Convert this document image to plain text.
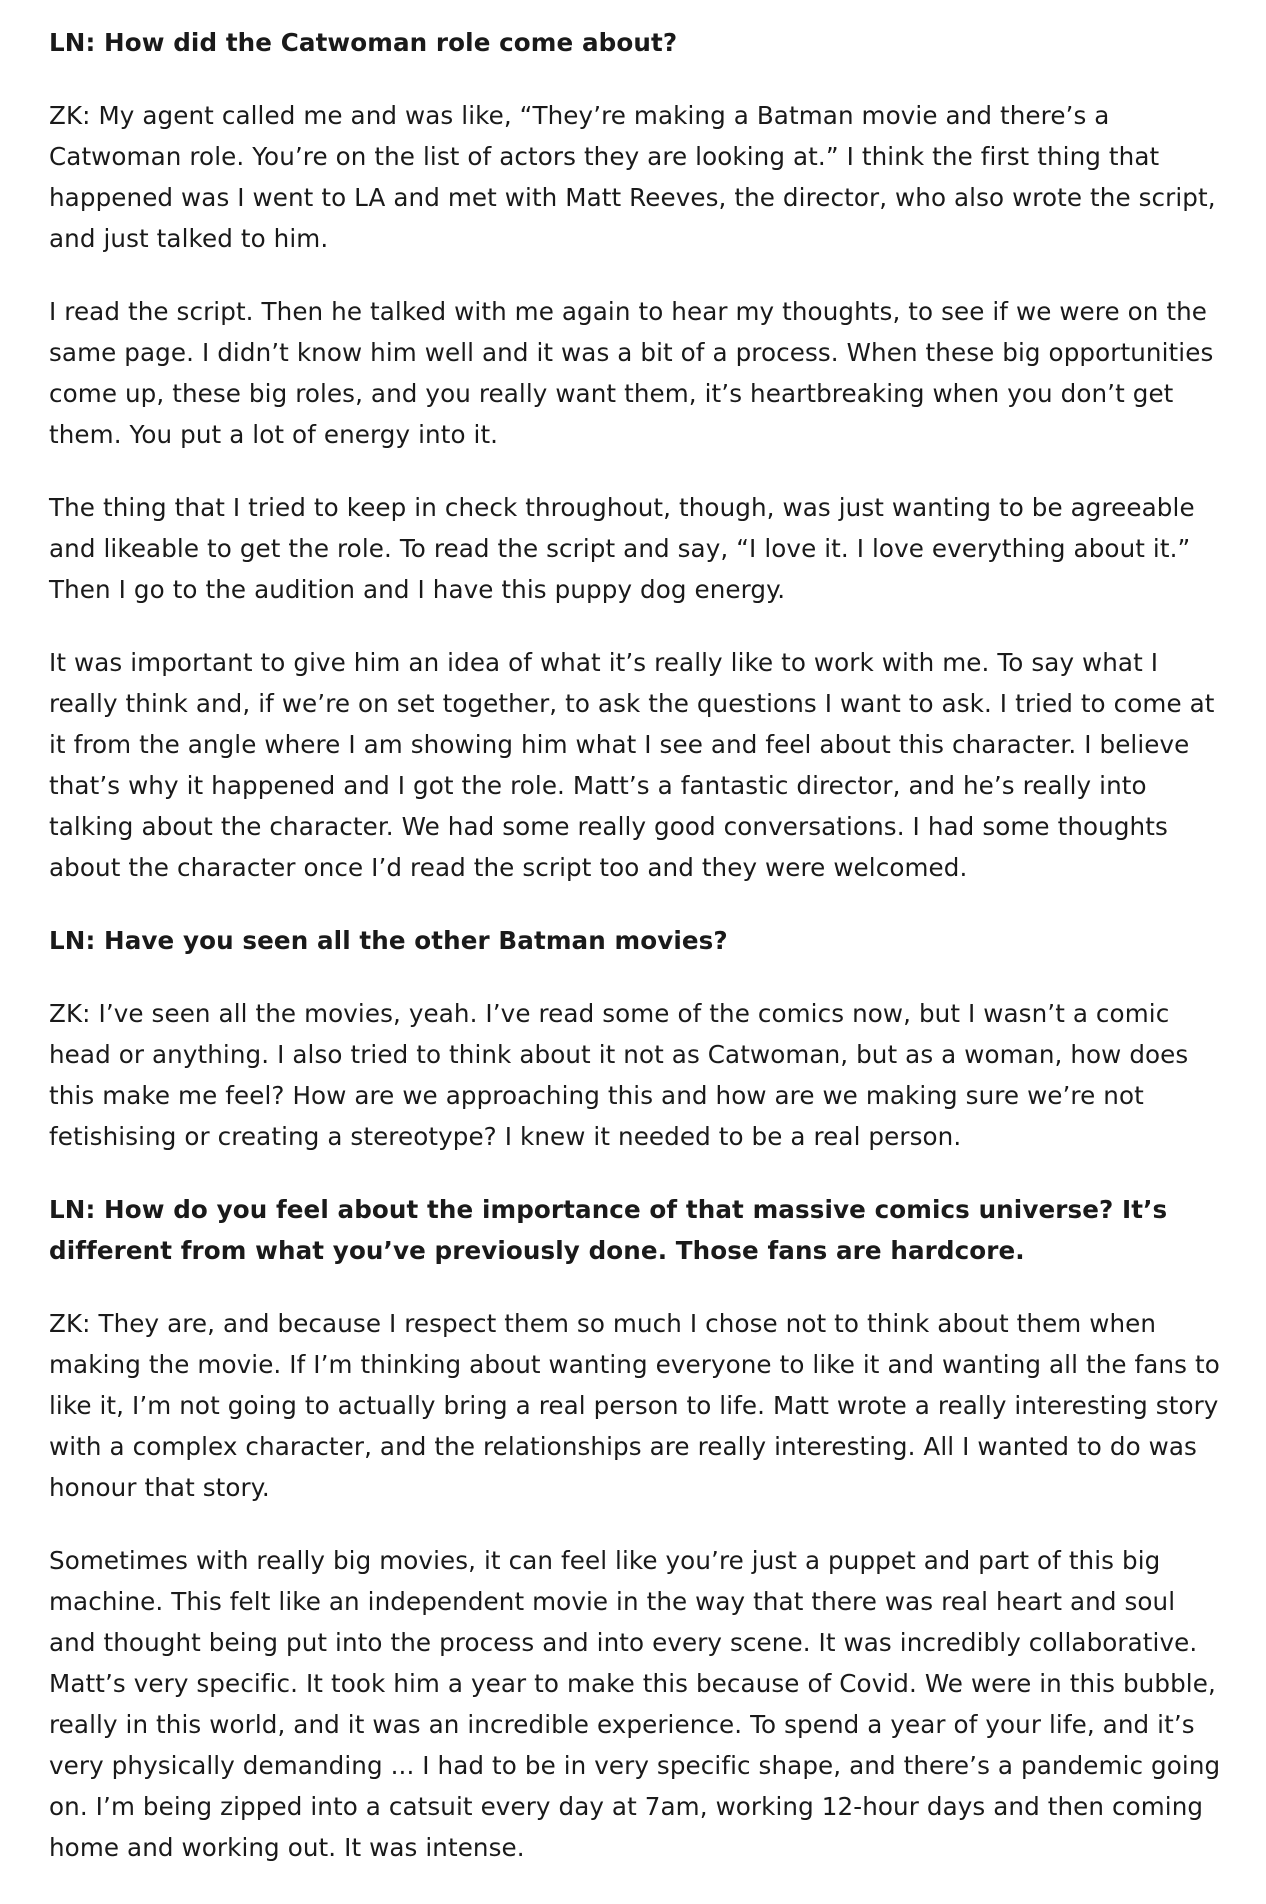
LN: How did the Catwoman role come about?

ZK: My agent called me and was like, “They’re making a Batman movie and there’s a Catwoman role. You’re on the list of actors they are looking at.” I think the first thing that happened was I went to LA and met with Matt Reeves, the director, who also wrote the script, and just talked to him.

I read the script. Then he talked with me again to hear my thoughts, to see if we were on the same page. I didn’t know him well and it was a bit of a process. When these big opportunities come up, these big roles, and you really want them, it’s heartbreaking when you don’t get them. You put a lot of energy into it.

The thing that I tried to keep in check throughout, though, was just wanting to be agreeable and likeable to get the role. To read the script and say, “I love it. I love everything about it.” Then I go to the audition and I have this puppy dog energy.

It was important to give him an idea of what it’s really like to work with me. To say what I really think and, if we’re on set together, to ask the questions I want to ask. I tried to come at it from the angle where I am showing him what I see and feel about this character. I believe that’s why it happened and I got the role. Matt’s a fantastic director, and he’s really into talking about the character. We had some really good conversations. I had some thoughts about the character once I’d read the script too and they were welcomed.

LN: Have you seen all the other Batman movies?

ZK: I’ve seen all the movies, yeah. I’ve read some of the comics now, but I wasn’t a comic head or anything. I also tried to think about it not as Catwoman, but as a woman, how does this make me feel? How are we approaching this and how are we making sure we’re not fetishising or creating a stereotype? I knew it needed to be a real person.

LN: How do you feel about the importance of that massive comics universe? It’s different from what you’ve previously done. Those fans are hardcore.

ZK: They are, and because I respect them so much I chose not to think about them when making the movie. If I’m thinking about wanting everyone to like it and wanting all the fans to like it, I’m not going to actually bring a real person to life. Matt wrote a really interesting story with a complex character, and the relationships are really interesting. All I wanted to do was honour that story.

Sometimes with really big movies, it can feel like you’re just a puppet and part of this big machine. This felt like an independent movie in the way that there was real heart and soul and thought being put into the process and into every scene. It was incredibly collaborative. Matt’s very specific. It took him a year to make this because of Covid. We were in this bubble, really in this world, and it was an incredible experience. To spend a year of your life, and it’s very physically demanding ... I had to be in very specific shape, and there’s a pandemic going on. I’m being zipped into a catsuit every day at 7am, working 12-hour days and then coming home and working out. It was intense.
